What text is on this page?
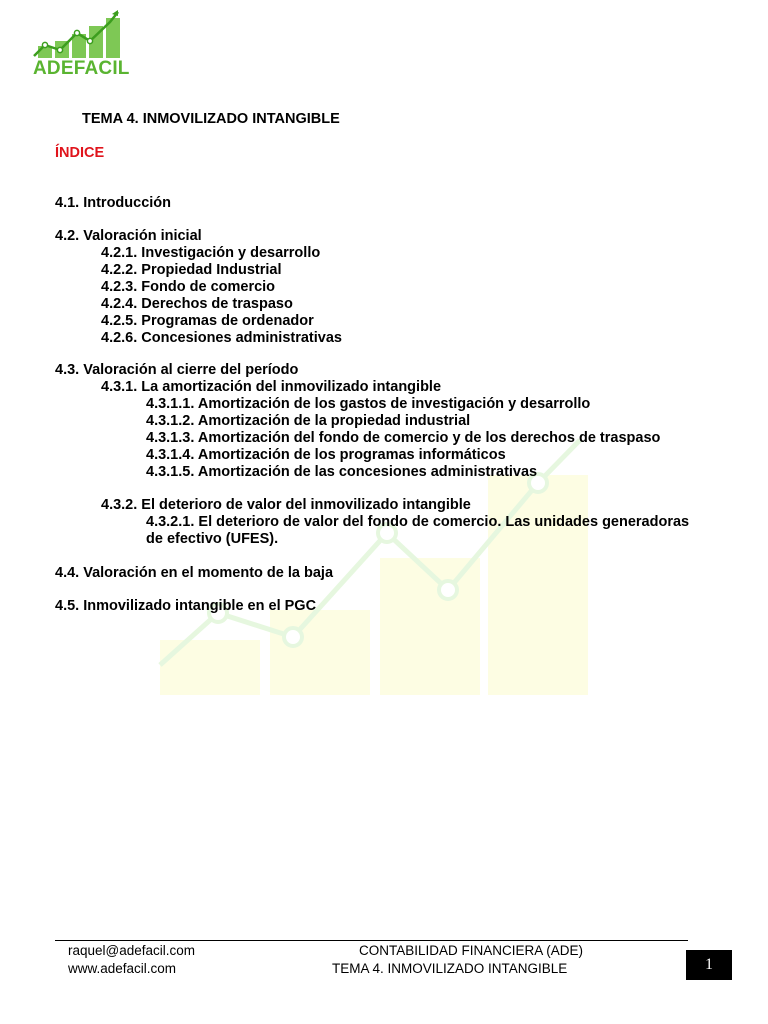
ADEFACIL
TEMA 4. INMOVILIZADO INTANGIBLE
ÍNDICE
4.1. Introducción
4.2. Valoración inicial
4.2.1. Investigación y desarrollo
4.2.2. Propiedad Industrial
4.2.3. Fondo de comercio
4.2.4. Derechos de traspaso
4.2.5. Programas de ordenador
4.2.6. Concesiones administrativas
4.3. Valoración al cierre del período
4.3.1. La amortización del inmovilizado intangible
4.3.1.1. Amortización de los gastos de investigación y desarrollo
4.3.1.2. Amortización de la propiedad industrial
4.3.1.3. Amortización del fondo de comercio y de los derechos de traspaso
4.3.1.4. Amortización de los programas informáticos
4.3.1.5. Amortización de las concesiones administrativas
4.3.2. El deterioro de valor del inmovilizado intangible
4.3.2.1. El deterioro de valor del fondo de comercio. Las unidades generadoras
de efectivo (UFES).
4.4. Valoración en el momento de la baja
4.5. Inmovilizado intangible en el PGC
raquel@adefacil.com
www.adefacil.com
CONTABILIDAD FINANCIERA (ADE)
TEMA 4. INMOVILIZADO INTANGIBLE	1
